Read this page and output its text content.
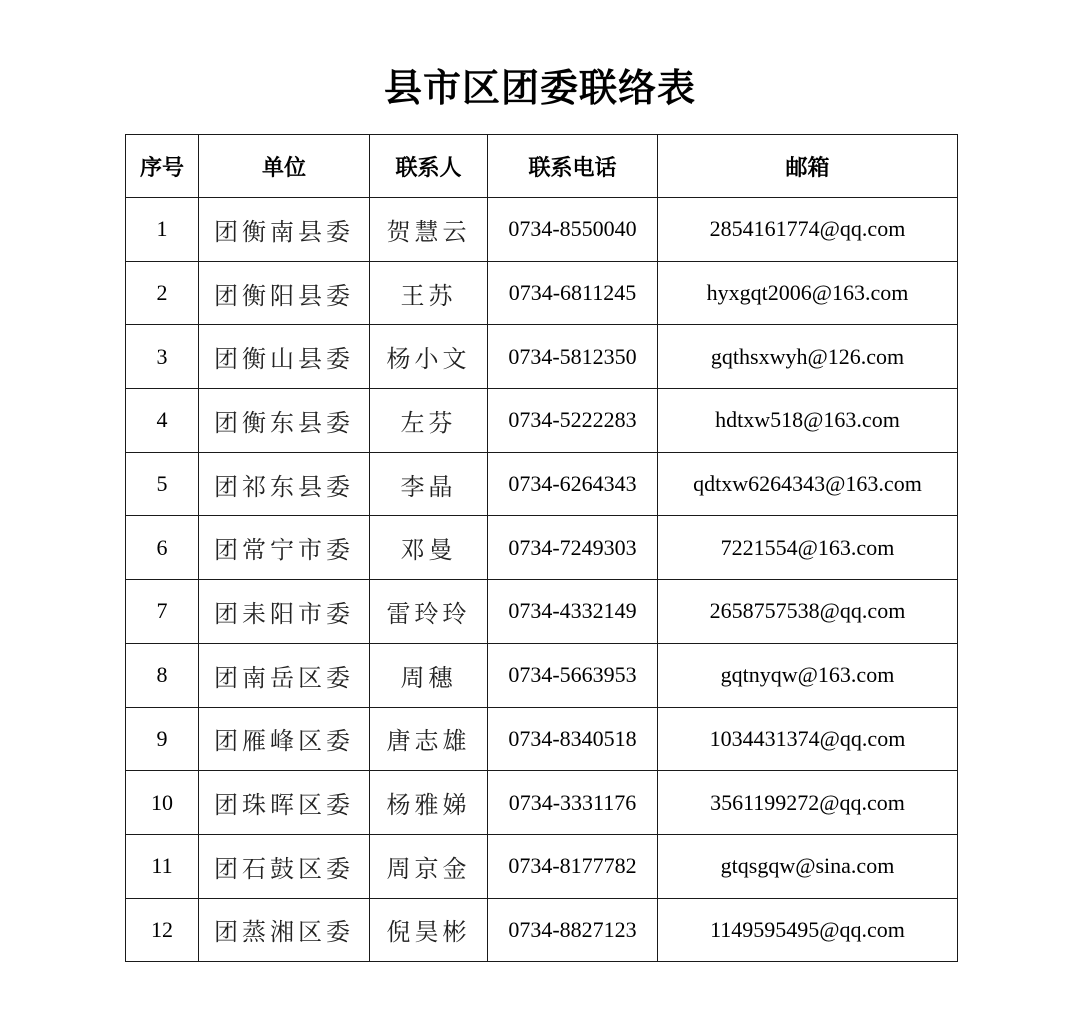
县市区团委联络表
序号	单位	联系人	联系电话	邮箱
1	团衡南县委	贺慧云	0734-8550040	2854161774@qq.com
2	团衡阳县委	王苏	0734-6811245	hyxgqt2006@163.com
3	团衡山县委	杨小文	0734-5812350	gqthsxwyh@126.com
4	团衡东县委	左芬	0734-5222283	hdtxw518@163.com
5	团祁东县委	李晶	0734-6264343	qdtxw6264343@163.com
6	团常宁市委	邓曼	0734-7249303	7221554@163.com
7	团耒阳市委	雷玲玲	0734-4332149	2658757538@qq.com
8	团南岳区委	周穗	0734-5663953	gqtnyqw@163.com
9	团雁峰区委	唐志雄	0734-8340518	1034431374@qq.com
10	团珠晖区委	杨雅娣	0734-3331176	3561199272@qq.com
11	团石鼓区委	周京金	0734-8177782	gtqsgqw@sina.com
12	团蒸湘区委	倪昊彬	0734-8827123	1149595495@qq.com
